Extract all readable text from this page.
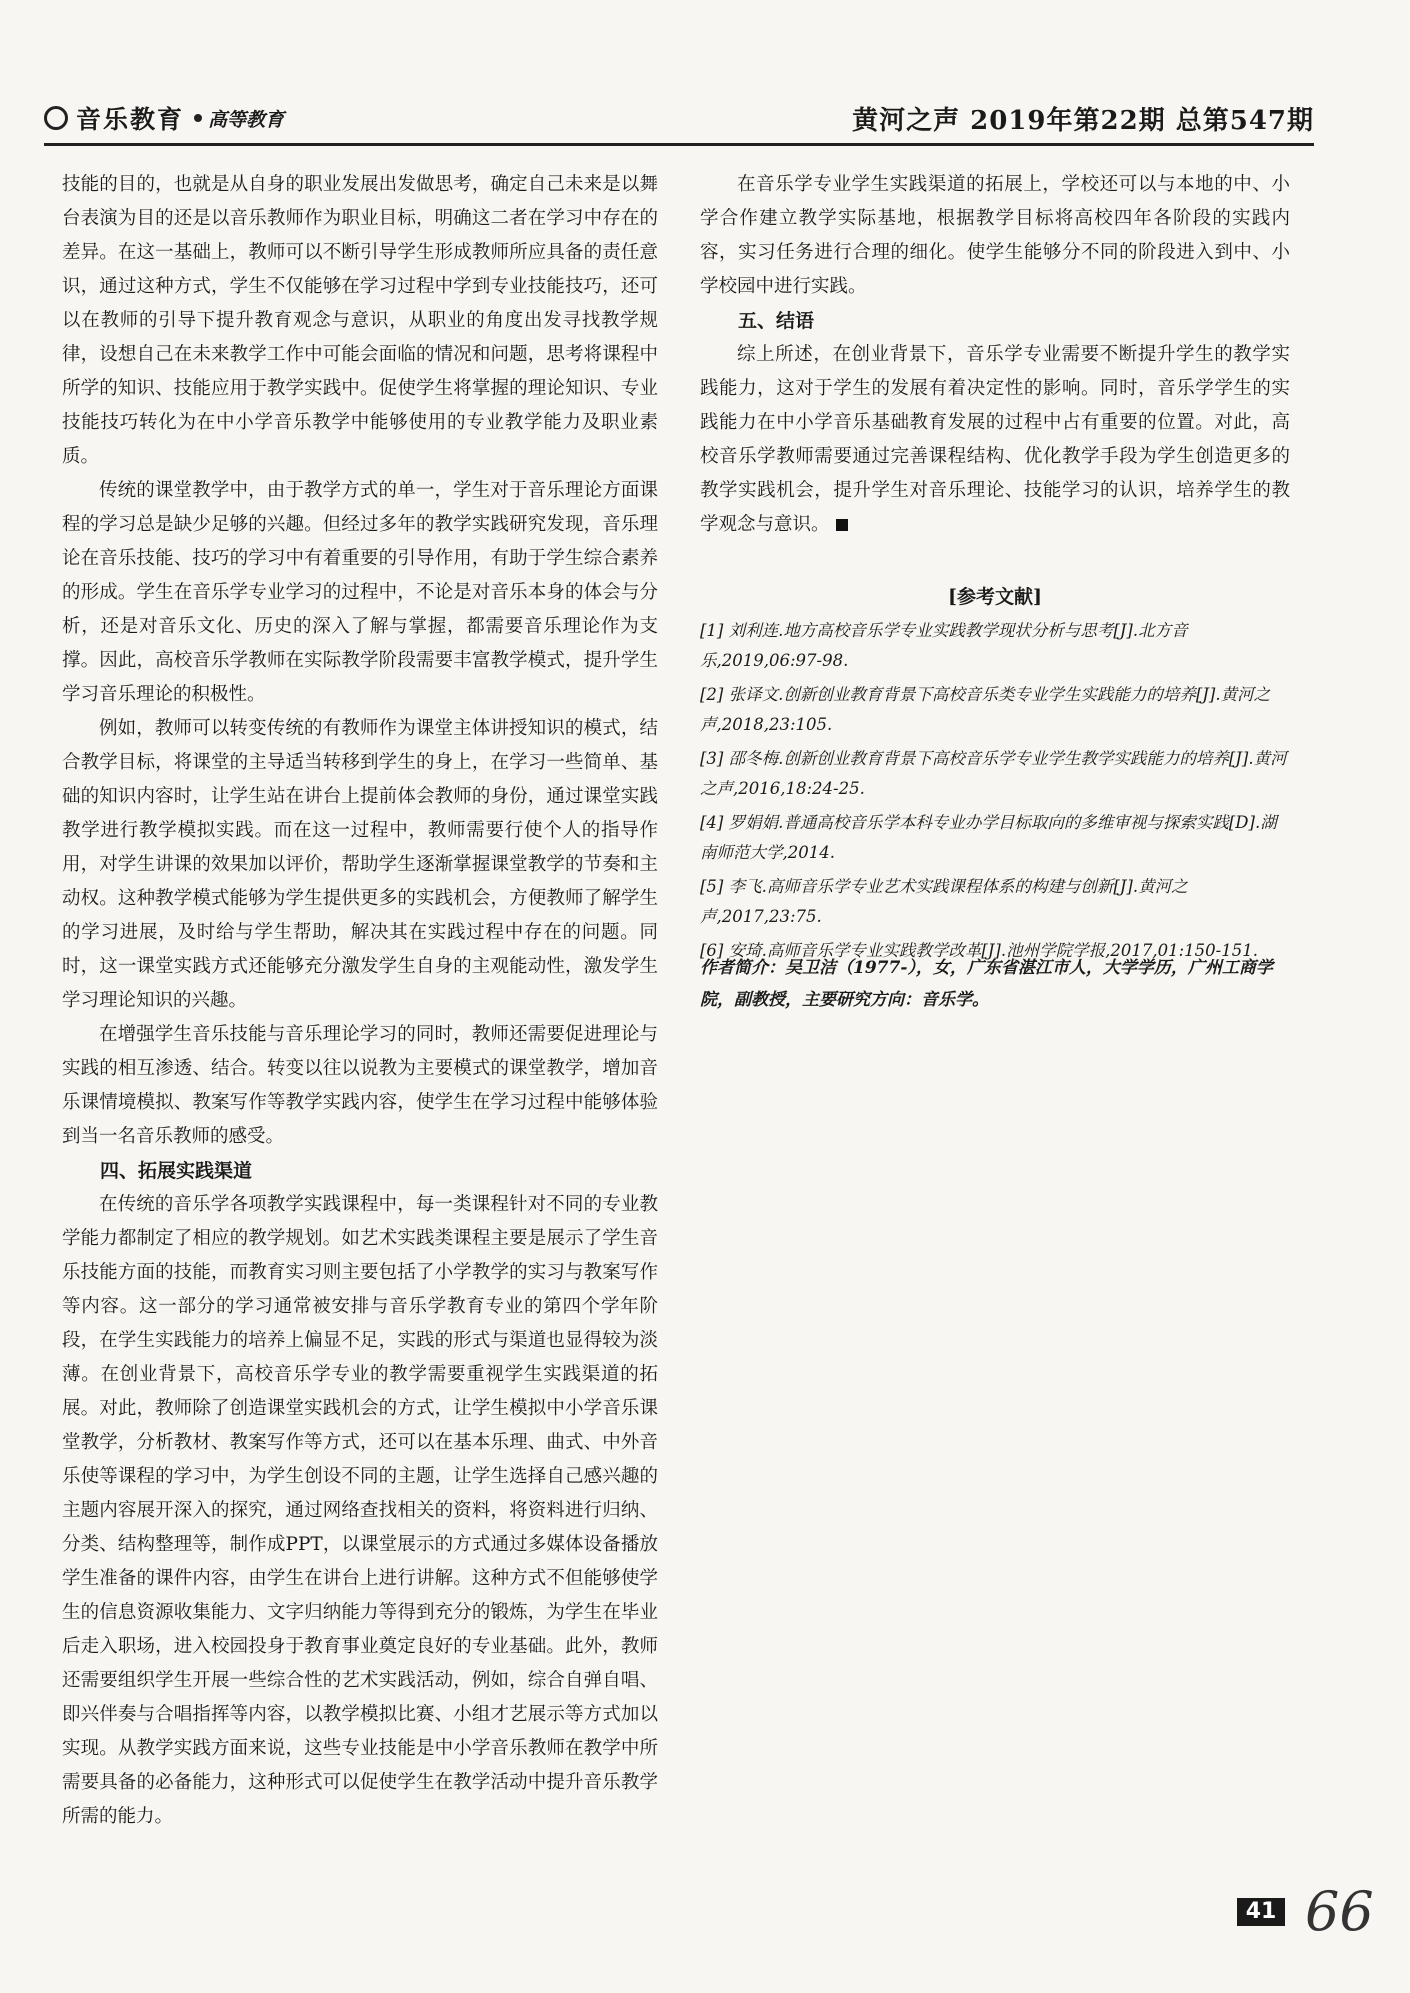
音乐教育 高等教育	黄河之声 2019年第22期 总第547期

技能的目的，也就是从自身的职业发展出发做思考，确定自己未来是以舞台表演为目的还是以音乐教师作为职业目标，明确这二者在学习中存在的差异。在这一基础上，教师可以不断引导学生形成教师所应具备的责任意识，通过这种方式，学生不仅能够在学习过程中学到专业技能技巧，还可以在教师的引导下提升教育观念与意识，从职业的角度出发寻找教学规律，设想自己在未来教学工作中可能会面临的情况和问题，思考将课程中所学的知识、技能应用于教学实践中。促使学生将掌握的理论知识、专业技能技巧转化为在中小学音乐教学中能够使用的专业教学能力及职业素质。

传统的课堂教学中，由于教学方式的单一，学生对于音乐理论方面课程的学习总是缺少足够的兴趣。但经过多年的教学实践研究发现，音乐理论在音乐技能、技巧的学习中有着重要的引导作用，有助于学生综合素养的形成。学生在音乐学专业学习的过程中，不论是对音乐本身的体会与分析，还是对音乐文化、历史的深入了解与掌握，都需要音乐理论作为支撑。因此，高校音乐学教师在实际教学阶段需要丰富教学模式，提升学生学习音乐理论的积极性。

例如，教师可以转变传统的有教师作为课堂主体讲授知识的模式，结合教学目标，将课堂的主导适当转移到学生的身上，在学习一些简单、基础的知识内容时，让学生站在讲台上提前体会教师的身份，通过课堂实践教学进行教学模拟实践。而在这一过程中，教师需要行使个人的指导作用，对学生讲课的效果加以评价，帮助学生逐渐掌握课堂教学的节奏和主动权。这种教学模式能够为学生提供更多的实践机会，方便教师了解学生的学习进展，及时给与学生帮助，解决其在实践过程中存在的问题。同时，这一课堂实践方式还能够充分激发学生自身的主观能动性，激发学生学习理论知识的兴趣。

在增强学生音乐技能与音乐理论学习的同时，教师还需要促进理论与实践的相互渗透、结合。转变以往以说教为主要模式的课堂教学，增加音乐课情境模拟、教案写作等教学实践内容，使学生在学习过程中能够体验到当一名音乐教师的感受。

四、拓展实践渠道

在传统的音乐学各项教学实践课程中，每一类课程针对不同的专业教学能力都制定了相应的教学规划。如艺术实践类课程主要是展示了学生音乐技能方面的技能，而教育实习则主要包括了小学教学的实习与教案写作等内容。这一部分的学习通常被安排与音乐学教育专业的第四个学年阶段，在学生实践能力的培养上偏显不足，实践的形式与渠道也显得较为淡薄。在创业背景下，高校音乐学专业的教学需要重视学生实践渠道的拓展。对此，教师除了创造课堂实践机会的方式，让学生模拟中小学音乐课堂教学，分析教材、教案写作等方式，还可以在基本乐理、曲式、中外音乐使等课程的学习中，为学生创设不同的主题，让学生选择自己感兴趣的主题内容展开深入的探究，通过网络查找相关的资料，将资料进行归纳、分类、结构整理等，制作成PPT，以课堂展示的方式通过多媒体设备播放学生准备的课件内容，由学生在讲台上进行讲解。这种方式不但能够使学生的信息资源收集能力、文字归纳能力等得到充分的锻炼，为学生在毕业后走入职场，进入校园投身于教育事业奠定良好的专业基础。此外，教师还需要组织学生开展一些综合性的艺术实践活动，例如，综合自弹自唱、即兴伴奏与合唱指挥等内容，以教学模拟比赛、小组才艺展示等方式加以实现。从教学实践方面来说，这些专业技能是中小学音乐教师在教学中所需要具备的必备能力，这种形式可以促使学生在教学活动中提升音乐教学所需的能力。

在音乐学专业学生实践渠道的拓展上，学校还可以与本地的中、小学合作建立教学实际基地，根据教学目标将高校四年各阶段的实践内容，实习任务进行合理的细化。使学生能够分不同的阶段进入到中、小学校园中进行实践。

五、结语

综上所述，在创业背景下，音乐学专业需要不断提升学生的教学实践能力，这对于学生的发展有着决定性的影响。同时，音乐学学生的实践能力在中小学音乐基础教育发展的过程中占有重要的位置。对此，高校音乐学教师需要通过完善课程结构、优化教学手段为学生创造更多的教学实践机会，提升学生对音乐理论、技能学习的认识，培养学生的教学观念与意识。

[参考文献]
[1] 刘利连.地方高校音乐学专业实践教学现状分析与思考[J].北方音乐,2019,06:97-98.
[2] 张译文.创新创业教育背景下高校音乐类专业学生实践能力的培养[J].黄河之声,2018,23:105.
[3] 邵冬梅.创新创业教育背景下高校音乐学专业学生教学实践能力的培养[J].黄河之声,2016,18:24-25.
[4] 罗娟娟.普通高校音乐学本科专业办学目标取向的多维审视与探索实践[D].湖南师范大学,2014.
[5] 李飞.高师音乐学专业艺术实践课程体系的构建与创新[J].黄河之声,2017,23:75.
[6] 安琦.高师音乐学专业实践教学改革[J].池州学院学报,2017,01:150-151.
作者简介：吴卫洁（1977-），女，广东省湛江市人，大学学历，广州工商学院，副教授，主要研究方向：音乐学。
41 66
